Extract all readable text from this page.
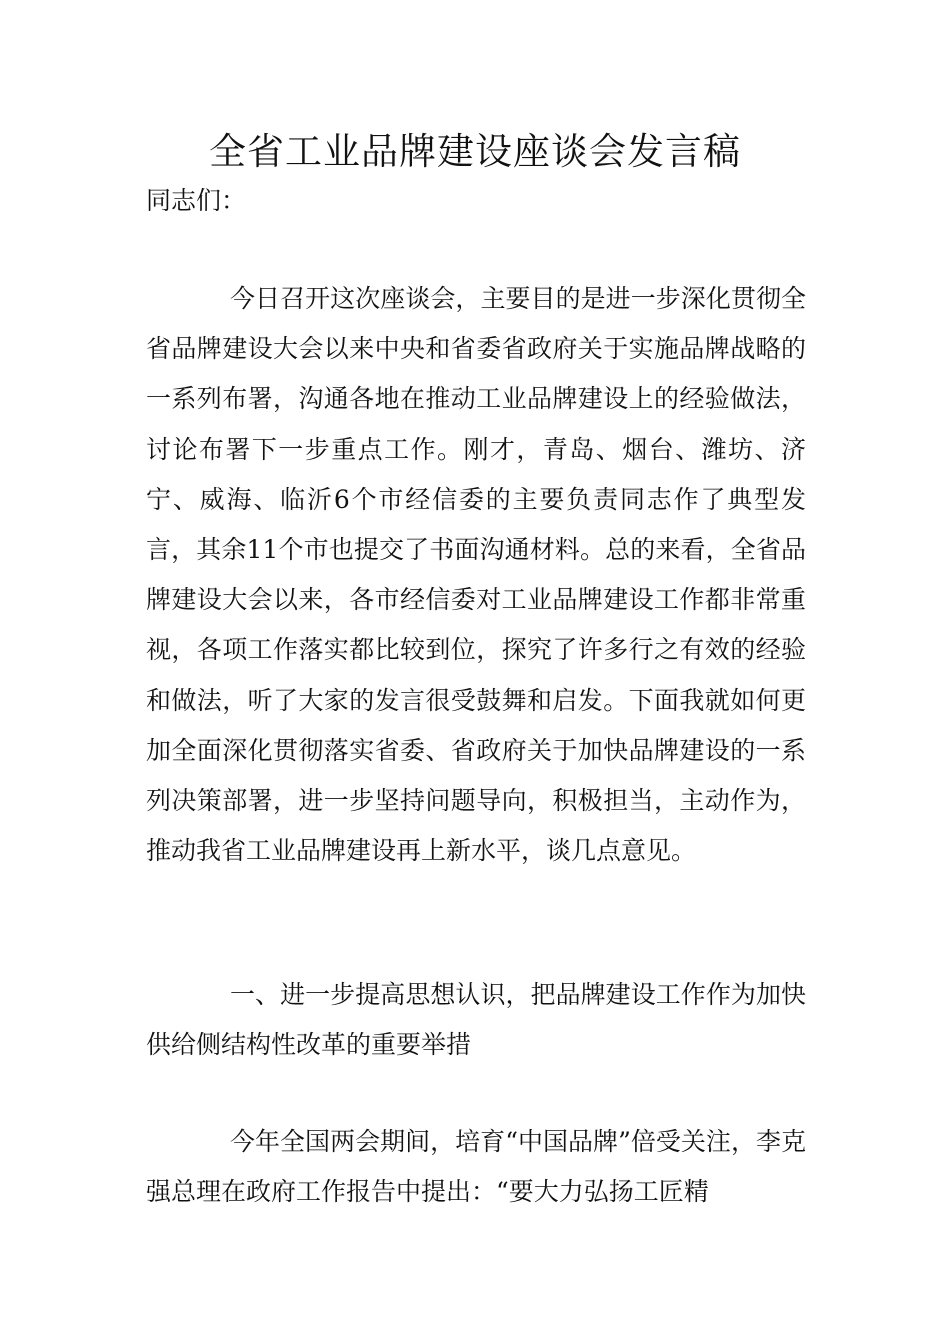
全省工业品牌建设座谈会发言稿

同志们：

今日召开这次座谈会，主要目的是进一步深化贯彻全省品牌建设大会以来中央和省委省政府关于实施品牌战略的一系列布署，沟通各地在推动工业品牌建设上的经验做法，讨论布署下一步重点工作。刚才，青岛、烟台、潍坊、济宁、威海、临沂6个市经信委的主要负责同志作了典型发言，其余11个市也提交了书面沟通材料。总的来看，全省品牌建设大会以来，各市经信委对工业品牌建设工作都非常重视，各项工作落实都比较到位，探究了许多行之有效的经验和做法，听了大家的发言很受鼓舞和启发。下面我就如何更加全面深化贯彻落实省委、省政府关于加快品牌建设的一系列决策部署，进一步坚持问题导向，积极担当，主动作为，推动我省工业品牌建设再上新水平，谈几点意见。

一、进一步提高思想认识，把品牌建设工作作为加快供给侧结构性改革的重要举措

今年全国两会期间，培育“中国品牌”倍受关注，李克强总理在政府工作报告中提出：“要大力弘扬工匠精
